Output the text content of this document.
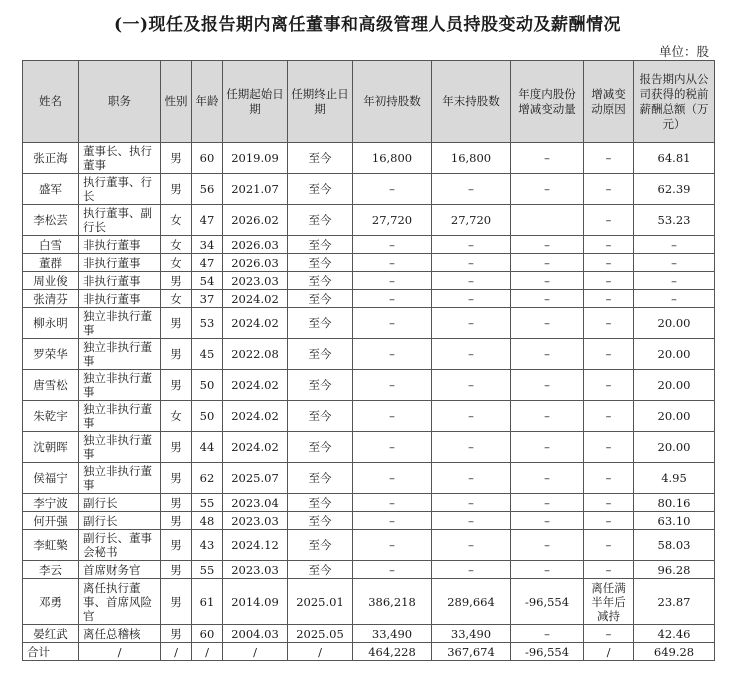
(一)现任及报告期内离任董事和高级管理人员持股变动及薪酬情况
单位：股
姓名	职务	性别	年龄	任期起始日期	任期终止日期	年初持股数	年末持股数	年度内股份增减变动量	增减变动原因	报告期内从公司获得的税前薪酬总额（万元）
张正海	董事长、执行董事	男	60	2019.09	至今	16,800	16,800	–	–	64.81
盛军	执行董事、行长	男	56	2021.07	至今	–	–	–	–	62.39
李松芸	执行董事、副行长	女	47	2026.02	至今	27,720	27,720		–	53.23
白雪	非执行董事	女	34	2026.03	至今	–	–	–	–	–
董群	非执行董事	女	47	2026.03	至今	–	–	–	–	–
周业俊	非执行董事	男	54	2023.03	至今	–	–	–	–	–
张清芬	非执行董事	女	37	2024.02	至今	–	–	–	–	–
柳永明	独立非执行董事	男	53	2024.02	至今	–	–	–	–	20.00
罗荣华	独立非执行董事	男	45	2022.08	至今	–	–	–	–	20.00
唐雪松	独立非执行董事	男	50	2024.02	至今	–	–	–	–	20.00
朱乾宇	独立非执行董事	女	50	2024.02	至今	–	–	–	–	20.00
沈朝晖	独立非执行董事	男	44	2024.02	至今	–	–	–	–	20.00
侯福宁	独立非执行董事	男	62	2025.07	至今	–	–	–	–	4.95
李宁波	副行长	男	55	2023.04	至今	–	–	–	–	80.16
何开强	副行长	男	48	2023.03	至今	–	–	–	–	63.10
李虹檠	副行长、董事会秘书	男	43	2024.12	至今	–	–	–	–	58.03
李云	首席财务官	男	55	2023.03	至今	–	–	–	–	96.28
邓勇	离任执行董事、首席风险官	男	61	2014.09	2025.01	386,218	289,664	-96,554	离任满半年后减持	23.87
晏红武	离任总稽核	男	60	2004.03	2025.05	33,490	33,490	–	–	42.46
合计	/	/	/	/	/	464,228	367,674	-96,554	/	649.28
